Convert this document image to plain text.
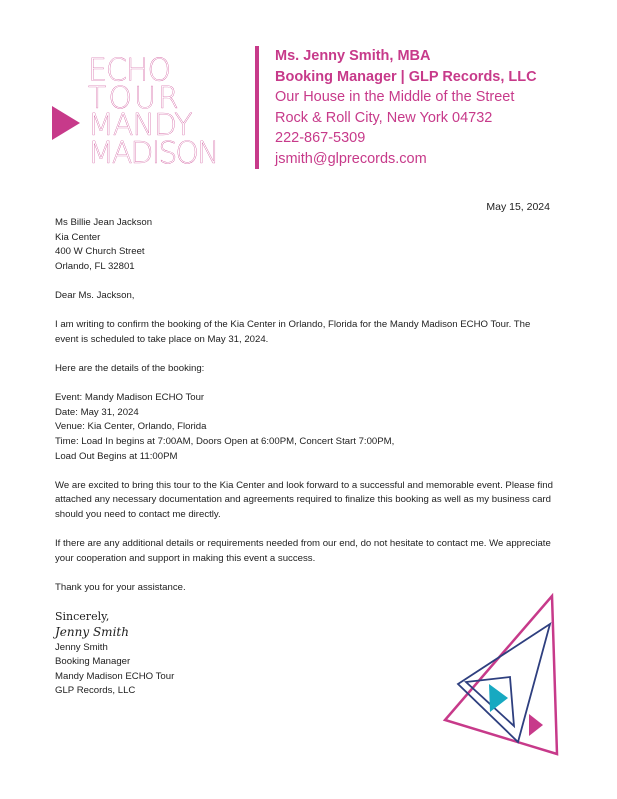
ECHO
TOUR
MANDY
MADISON
Ms. Jenny Smith, MBA
Booking Manager | GLP Records, LLC
Our House in the Middle of the Street
Rock & Roll City, New York 04732
222-867-5309
jsmith@glprecords.com
May 15, 2024

Ms Billie Jean Jackson

Kia Center

400 W Church Street

Orlando, FL 32801

Dear Ms. Jackson,

I am writing to confirm the booking of the Kia Center in Orlando, Florida for the Mandy Madison ECHO Tour. The event is scheduled to take place on May 31, 2024.

Here are the details of the booking:

Event: Mandy Madison ECHO Tour

Date: May 31, 2024

Venue: Kia Center, Orlando, Florida

Time: Load In begins at 7:00AM, Doors Open at 6:00PM, Concert Start 7:00PM,

Load Out Begins at 11:00PM

We are excited to bring this tour to the Kia Center and look forward to a successful and memorable event. Please find attached any necessary documentation and agreements required to finalize this booking as well as my business card should you need to contact me directly.

If there are any additional details or requirements needed from our end, do not hesitate to contact me. We appreciate your cooperation and support in making this event a success.

Thank you for your assistance.

Sincerely,

Jenny Smith

Jenny Smith

Booking Manager

Mandy Madison ECHO Tour

GLP Records, LLC
